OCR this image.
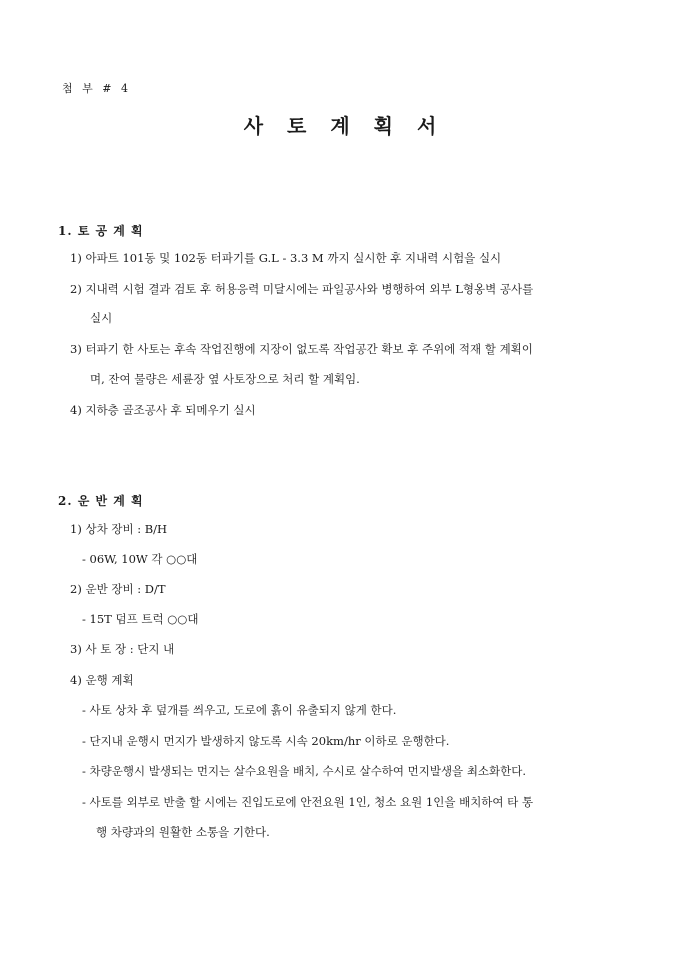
첨 부 # 4
사토계획서
1. 토 공 계 획
1) 아파트 101동 및 102동 터파기를 G.L - 3.3 M 까지 실시한 후 지내력 시험을 실시
2) 지내력 시험 결과 검토 후 허용응력 미달시에는 파일공사와 병행하여 외부 L형옹벽 공사를
실시
3) 터파기 한 사토는 후속 작업진행에 지장이 없도록 작업공간 확보 후 주위에 적재 할 계획이
며, 잔여 물량은 세륜장 옆 사토장으로 처리 할 계획임.
4) 지하층 골조공사 후 되메우기 실시
2. 운 반 계 획
1) 상차 장비 : B/H
- 06W, 10W 각 ○○대
2) 운반 장비 : D/T
- 15T 덤프 트럭 ○○대
3) 사 토 장 : 단지 내
4) 운행 계획
- 사토 상차 후 덮개를 씌우고, 도로에 흙이 유출되지 않게 한다.
- 단지내 운행시 먼지가 발생하지 않도록 시속 20km/hr 이하로 운행한다.
- 차량운행시 발생되는 먼지는 살수요원을 배치, 수시로 살수하여 먼지발생을 최소화한다.
- 사토를 외부로 반출 할 시에는 진입도로에 안전요원 1인, 청소 요원 1인을 배치하여 타 통
행 차량과의 원활한 소통을 기한다.
